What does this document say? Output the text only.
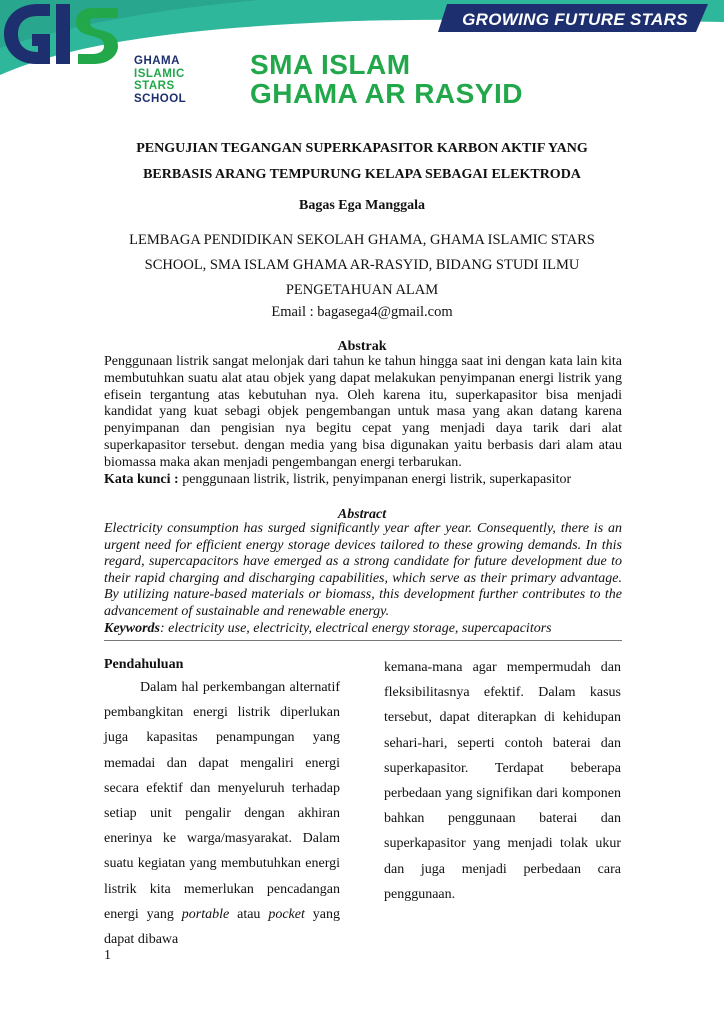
GROWING FUTURE STARS
GHAMA
ISLAMIC
STARS
SCHOOL
SMA ISLAM
GHAMA AR RASYID
PENGUJIAN TEGANGAN SUPERKAPASITOR KARBON AKTIF YANG
BERBASIS ARANG TEMPURUNG KELAPA SEBAGAI ELEKTRODA
Bagas Ega Manggala
LEMBAGA PENDIDIKAN SEKOLAH GHAMA, GHAMA ISLAMIC STARS
SCHOOL, SMA ISLAM GHAMA AR-RASYID, BIDANG STUDI ILMU
PENGETAHUAN ALAM
Email : bagasega4@gmail.com
Abstrak
Penggunaan listrik sangat melonjak dari tahun ke tahun hingga saat ini dengan kata lain kita membutuhkan suatu alat atau objek yang dapat melakukan penyimpanan energi listrik yang efisein tergantung atas kebutuhan nya. Oleh karena itu, superkapasitor bisa menjadi kandidat yang kuat sebagi objek pengembangan untuk masa yang akan datang karena penyimpanan dan pengisian nya begitu cepat yang menjadi daya tarik dari alat superkapasitor tersebut. dengan media yang bisa digunakan yaitu berbasis dari alam atau biomassa maka akan menjadi pengembangan energi terbarukan.
Kata kunci : penggunaan listrik, listrik, penyimpanan energi listrik, superkapasitor
Abstract
Electricity consumption has surged significantly year after year. Consequently, there is an urgent need for efficient energy storage devices tailored to these growing demands. In this regard, supercapacitors have emerged as a strong candidate for future development due to their rapid charging and discharging capabilities, which serve as their primary advantage. By utilizing nature-based materials or biomass, this development further contributes to the advancement of sustainable and renewable energy.
Keywords: electricity use, electricity, electrical energy storage, supercapacitors
Pendahuluan
Dalam hal perkembangan alternatif pembangkitan energi listrik diperlukan juga kapasitas penampungan yang memadai dan dapat mengaliri energi secara efektif dan menyeluruh terhadap setiap unit pengalir dengan akhiran enerinya ke warga/masyarakat. Dalam suatu kegiatan yang membutuhkan energi listrik kita memerlukan pencadangan energi yang portable atau pocket yang dapat dibawa
kemana-mana agar mempermudah dan fleksibilitasnya efektif. Dalam kasus tersebut, dapat diterapkan di kehidupan sehari-hari, seperti contoh baterai dan superkapasitor. Terdapat beberapa perbedaan yang signifikan dari komponen bahkan penggunaan baterai dan superkapasitor yang menjadi tolak ukur dan juga menjadi perbedaan cara penggunaan.
1
